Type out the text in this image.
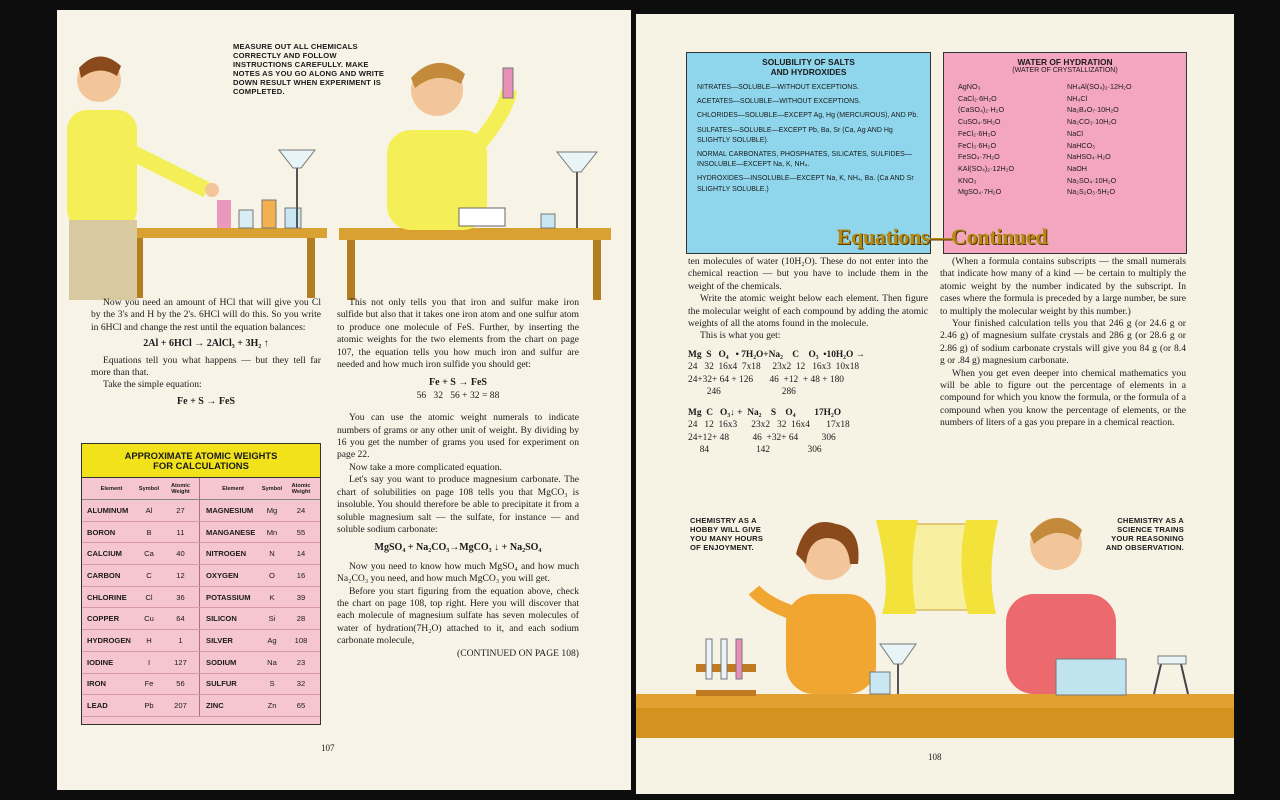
MEASURE OUT ALL CHEMICALS CORRECTLY AND FOLLOW INSTRUCTIONS CAREFULLY. MAKE NOTES AS YOU GO ALONG AND WRITE DOWN RESULT WHEN EXPERIMENT IS COMPLETED.

Now you need an amount of HCl that will give you Cl by the 3's and H by the 2's. 6HCl will do this. So you write in 6HCl and change the rest until the equation balances:

2Al + 6HCl → 2AlCl₃ + 3H₂ ↑

Equations tell you what happens — but they tell far more than that.

Take the simple equation:

Fe + S → FeS
APPROXIMATE ATOMIC WEIGHTS
FOR CALCULATIONS
Element	Symbol	Atomic Weight	Element	Symbol	Atomic Weight
ALUMINUM	Al	27	MAGNESIUM	Mg	24
BORON	B	11	MANGANESE	Mn	55
CALCIUM	Ca	40	NITROGEN	N	14
CARBON	C	12	OXYGEN	O	16
CHLORINE	Cl	36	POTASSIUM	K	39
COPPER	Cu	64	SILICON	Si	28
HYDROGEN	H	1	SILVER	Ag	108
IODINE	I	127	SODIUM	Na	23
IRON	Fe	56	SULFUR	S	32
LEAD	Pb	207	ZINC	Zn	65

This not only tells you that iron and sulfur make iron sulfide but also that it takes one iron atom and one sulfur atom to produce one molecule of FeS. Further, by inserting the atomic weights for the two elements from the chart on page 107, the equation tells you how much iron and sulfur are needed and how much iron sulfide you should get:

Fe + S → FeS
56   32   56 + 32 = 88

You can use the atomic weight numerals to indicate numbers of grams or any other unit of weight. By dividing by 16 you get the number of grams you used for experiment on page 22.

Now take a more complicated equation.

Let's say you want to produce magnesium carbonate. The chart of solubilities on page 108 tells you that MgCO₃ is insoluble. You should therefore be able to precipitate it from a soluble magnesium salt — the sulfate, for instance — and soluble sodium carbonate:

MgSO₄ + Na₂CO₃→MgCO₃ ↓ + Na₂SO₄

Now you need to know how much MgSO₄ and how much Na₂CO₃ you need, and how much MgCO₃ you will get.

Before you start figuring from the equation above, check the chart on page 108, top right. Here you will discover that each molecule of magnesium sulfate has seven molecules of water of hydration(7H₂O) attached to it, and each sodium carbonate molecule,

(CONTINUED ON PAGE 108)
107
SOLUBILITY OF SALTS
AND HYDROXIDES
NITRATES—SOLUBLE—WITHOUT EXCEPTIONS.
ACETATES—SOLUBLE—WITHOUT EXCEPTIONS.
CHLORIDES—SOLUBLE—EXCEPT Ag, Hg (MERCUROUS), AND Pb.
SULFATES—SOLUBLE—EXCEPT Pb, Ba, Sr (Ca, Ag AND Hg SLIGHTLY SOLUBLE).
NORMAL CARBONATES, PHOSPHATES, SILICATES, SULFIDES—INSOLUBLE—EXCEPT Na, K, NH₄.
HYDROXIDES—INSOLUBLE—EXCEPT Na, K, NH₄, Ba. (Ca AND Sr SLIGHTLY SOLUBLE.)
WATER OF HYDRATION
(WATER OF CRYSTALLIZATION)
AgNO₃
CaCl₂·6H₂O
(CaSO₄)₂·H₂O
CuSO₄·5H₂O
FeCl₂·6H₂O
FeCl₃·6H₂O
FeSO₄·7H₂O
KAl(SO₄)₂·12H₂O
KNO₃
MgSO₄·7H₂O
NH₄Al(SO₄)₂·12H₂O
NH₄Cl
Na₂B₄O₇·10H₂O
Na₂CO₃·10H₂O
NaCl
NaHCO₃
NaHSO₄·H₂O
NaOH
Na₂SO₄·10H₂O
Na₂S₂O₃·5H₂O
Equations—Continued

ten molecules of water (10H₂O). These do not enter into the chemical reaction — but you have to include them in the weight of the chemicals.

Write the atomic weight below each element. Then figure the molecular weight of each compound by adding the atomic weights of all the atoms found in the molecule.

This is what you get:

Mg  S   O₄   • 7H₂O+Na₂    C    O₃  •10H₂O →
24   32  16x4  7x18     23x2  12   16x3  10x18
24+32+ 64 + 126       46  +12  + 48 + 180
246                          286
Mg  C   O₃↓ +  Na₂    S    O₄        17H₂O
24   12  16x3      23x2   32  16x4       17x18
24+12+ 48          46  +32+ 64          306
84                    142                306

(When a formula contains subscripts — the small numerals that indicate how many of a kind — be certain to multiply the atomic weight by the number indicated by the subscript. In cases where the formula is preceded by a large number, be sure to multiply the molecular weight by this number.)

Your finished calculation tells you that 246 g (or 24.6 g or 2.46 g) of magnesium sulfate crystals and 286 g (or 28.6 g or 2.86 g) of sodium carbonate crystals will give you 84 g (or 8.4 g or .84 g) magnesium carbonate.

When you get even deeper into chemical mathematics you will be able to figure out the percentage of elements in a compound for which you know the formula, or the formula of a compound when you know the percentage of elements, or the numbers of liters of a gas you prepare in a chemical reaction.

CHEMISTRY AS A HOBBY WILL GIVE YOU MANY HOURS OF ENJOYMENT.
CHEMISTRY AS A SCIENCE TRAINS YOUR REASONING AND OBSERVATION.
108
